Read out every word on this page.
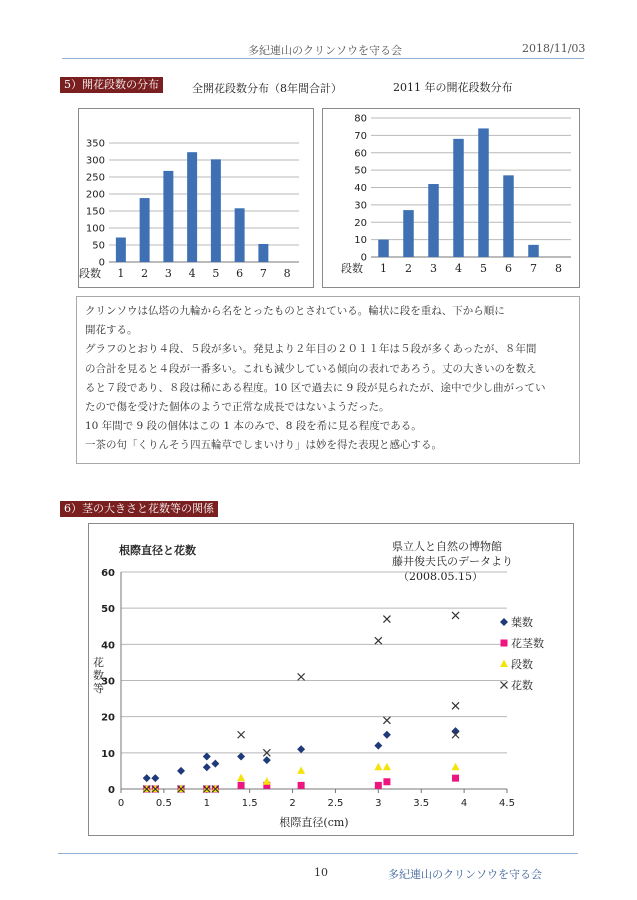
多紀連山のクリンソウを守る会	2018/11/03
5）開花段数の分布	全開花段数分布（8年間合計）	2011 年の開花段数分布
0
50
100
150
200
250
300
350
1 2 3 4 5 6 7 8
段数
0
10
20
30
40
50
60
70
80
1 2 3 4 5 6 7 8
段数

クリンソウは仏塔の九輪から名をとったものとされている。輪状に段を重ね、下から順に

開花する。

グラフのとおり４段、５段が多い。発見より２年目の２０１１年は５段が多くあったが、８年間

の合計を見ると４段が一番多い。これも減少している傾向の表れであろう。丈の大きいのを数え

ると７段であり、８段は稀にある程度。10 区で過去に 9 段が見られたが、途中で少し曲がってい

たので傷を受けた個体のようで正常な成長ではないようだった。

10 年間で 9 段の個体はこの 1 本のみで、8 段を希に見る程度である。

一茶の句「くりんそう四五輪草でしまいけり」は妙を得た表現と感心する。

6）茎の大きさと花数等の関係
根際直径と花数	県立人と自然の博物館
藤井俊夫氏のデータより
（2008.05.15）
0
10
20
30
40
50
60
0	0.5	1	1.5	2	2.5	3	3.5	4	4.5
根際直径(cm)
花
数
等
葉数
花茎数
段数
花数
10	多紀連山のクリンソウを守る会
